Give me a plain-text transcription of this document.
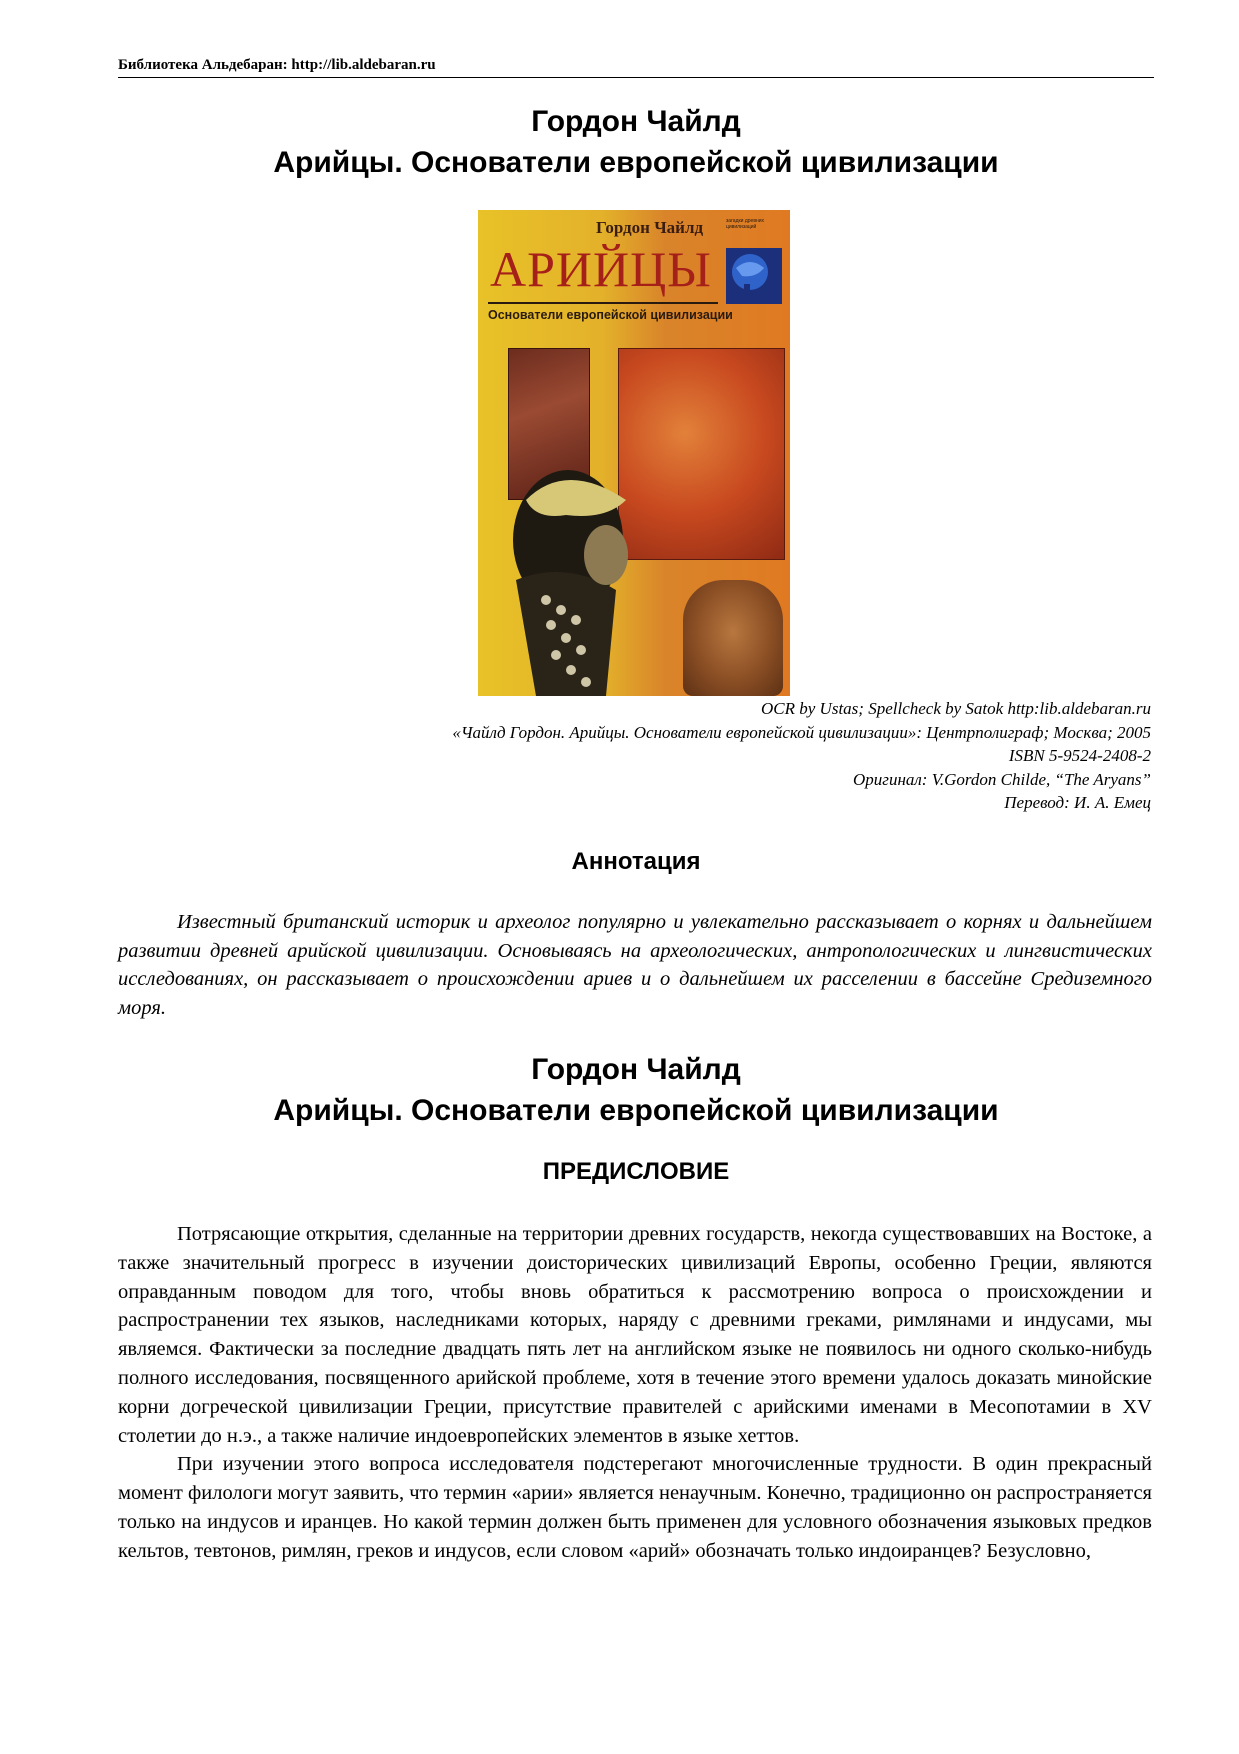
Библиотека Альдебаран: http://lib.aldebaran.ru
Гордон Чайлд
Арийцы. Основатели европейской цивилизации
Гордон Чайлд
АРИЙЦЫ
Основатели европейской цивилизации
загадки древних цивилизаций
OCR by Ustas; Spellcheck by Satok http:lib.aldebaran.ru
«Чайлд Гордон. Арийцы. Основатели европейской цивилизации»: Центрполиграф; Москва; 2005
ISBN 5-9524-2408-2
Оригинал: V.Gordon Childe, “The Aryans”
Перевод: И. А. Емец
Аннотация
Известный британский историк и археолог популярно и увлекательно рассказывает о корнях и дальнейшем развитии древней арийской цивилизации. Основываясь на археологических, антропологических и лингвистических исследованиях, он рассказывает о происхождении ариев и о дальнейшем их расселении в бассейне Средиземного моря.
Гордон Чайлд
Арийцы. Основатели европейской цивилизации
ПРЕДИСЛОВИЕ

Потрясающие открытия, сделанные на территории древних государств, некогда существовавших на Востоке, а также значительный прогресс в изучении доисторических цивилизаций Европы, особенно Греции, являются оправданным поводом для того, чтобы вновь обратиться к рассмотрению вопроса о происхождении и распространении тех языков, наследниками которых, наряду с древними греками, римлянами и индусами, мы являемся. Фактически за последние двадцать пять лет на английском языке не появилось ни одного сколько-нибудь полного исследования, посвященного арийской проблеме, хотя в течение этого времени удалось доказать минойские корни догреческой цивилизации Греции, присутствие правителей с арийскими именами в Месопотамии в XV столетии до н.э., а также наличие индоевропейских элементов в языке хеттов.

При изучении этого вопроса исследователя подстерегают многочисленные трудности. В один прекрасный момент филологи могут заявить, что термин «арии» является ненаучным. Конечно, традиционно он распространяется только на индусов и иранцев. Но какой термин должен быть применен для условного обозначения языковых предков кельтов, тевтонов, римлян, греков и индусов, если словом «арий» обозначать только индоиранцев? Безусловно,
